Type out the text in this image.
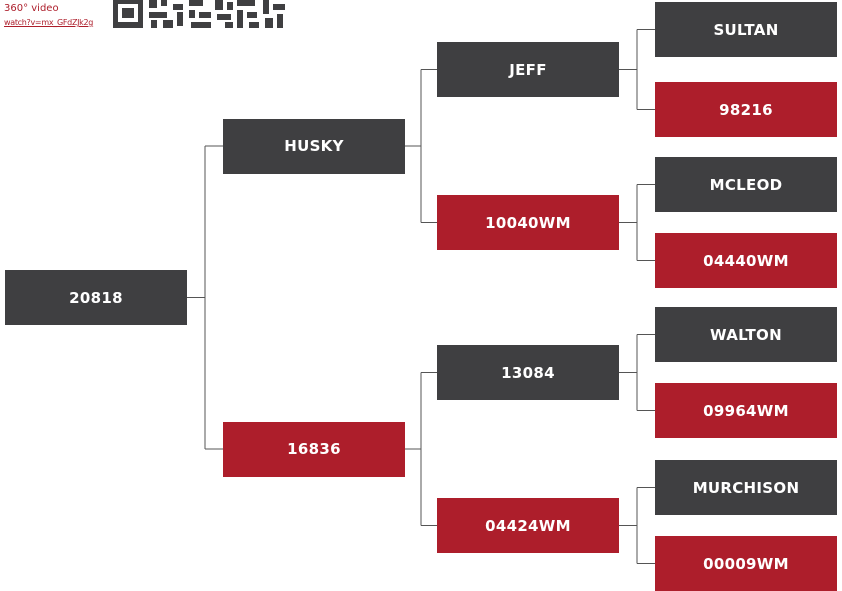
360° video
watch?v=mx_GFdZJk2g	SULTAN
98216
JEFF
MCLEOD
04440WM
10040WM
HUSKY
WALTON
09964WM
13084
MURCHISON
00009WM
04424WM
16836
20818
